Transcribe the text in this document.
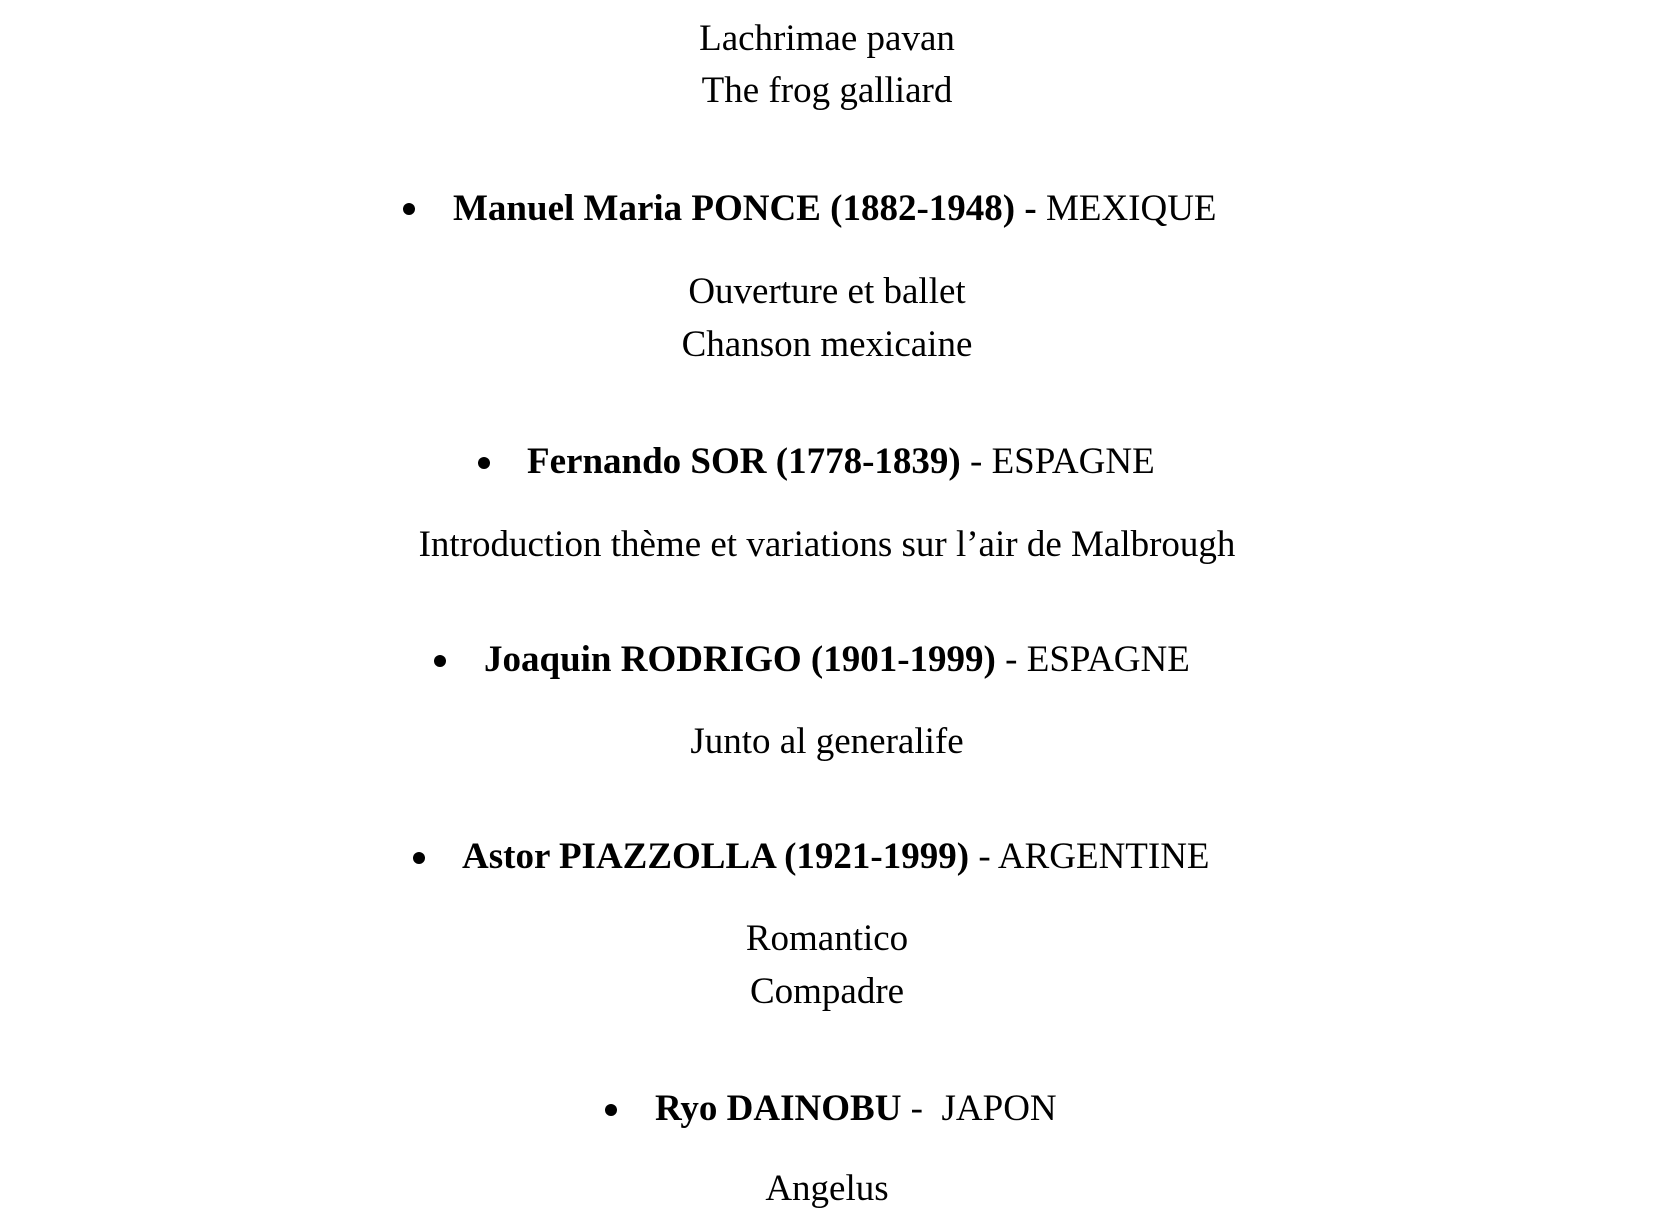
Lachrimae pavan
The frog galliard
Manuel Maria PONCE (1882-1948) - MEXIQUE
Ouverture et ballet
Chanson mexicaine
Fernando SOR (1778-1839) - ESPAGNE
Introduction thème et variations sur l’air de Malbrough
Joaquin RODRIGO (1901-1999) - ESPAGNE
Junto al generalife
Astor PIAZZOLLA (1921-1999) - ARGENTINE
Romantico
Compadre
Ryo DAINOBU -  JAPON
Angelus
